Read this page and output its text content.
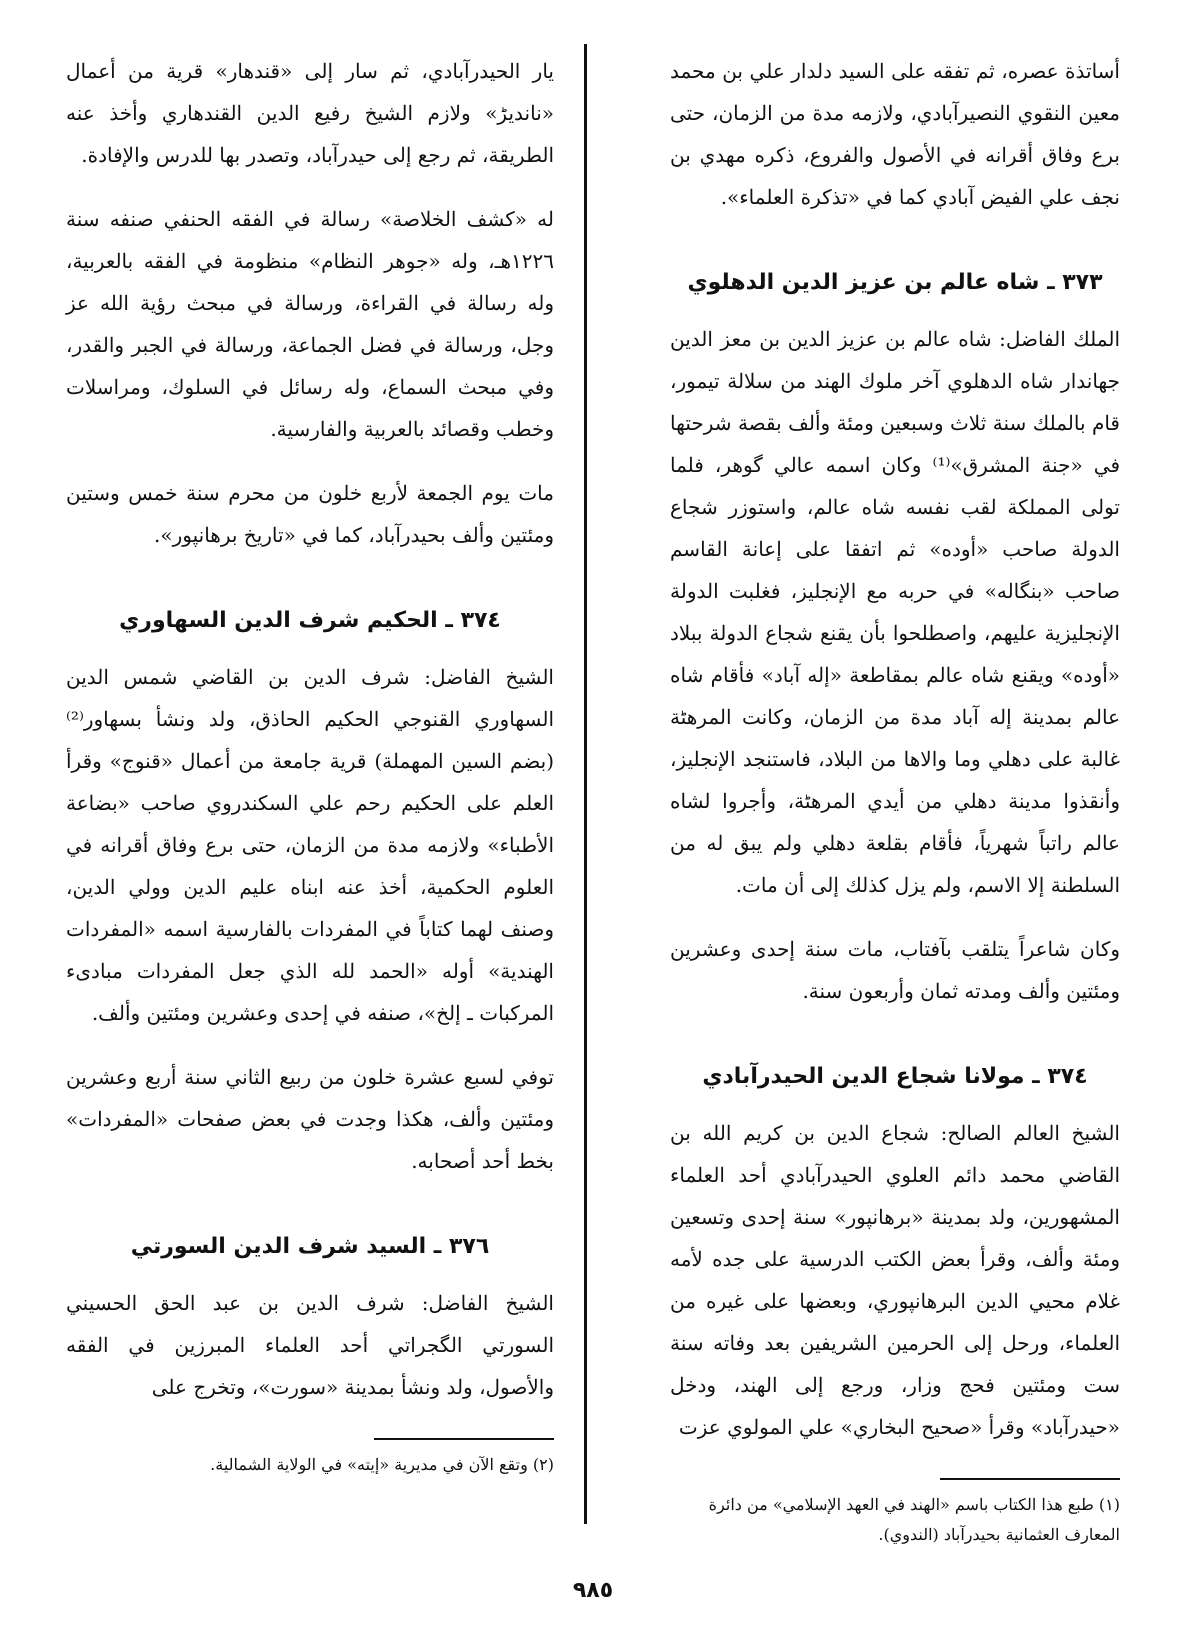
أساتذة عصره، ثم تفقه على السيد دلدار علي بن محمد معين النقوي النصيرآبادي، ولازمه مدة من الزمان، حتى برع وفاق أقرانه في الأصول والفروع، ذكره مهدي بن نجف علي الفيض آبادي كما في «تذكرة العلماء».

٣٧٣ ـ شاه عالم بن عزيز الدين الدهلوي

الملك الفاضل: شاه عالم بن عزيز الدين بن معز الدين جهاندار شاه الدهلوي آخر ملوك الهند من سلالة تيمور، قام بالملك سنة ثلاث وسبعين ومئة وألف بقصة شرحتها في «جنة المشرق»⁽¹⁾ وكان اسمه عالي گوهر، فلما تولى المملكة لقب نفسه شاه عالم، واستوزر شجاع الدولة صاحب «أوده» ثم اتفقا على إعانة القاسم صاحب «بنگاله» في حربه مع الإنجليز، فغلبت الدولة الإنجليزية عليهم، واصطلحوا بأن يقنع شجاع الدولة ببلاد «أوده» ويقنع شاه عالم بمقاطعة «إله آباد» فأقام شاه عالم بمدينة إله آباد مدة من الزمان، وكانت المرهٹة غالبة على دهلي وما والاها من البلاد، فاستنجد الإنجليز، وأنقذوا مدينة دهلي من أيدي المرهٹة، وأجروا لشاه عالم راتباً شهرياً، فأقام بقلعة دهلي ولم يبق له من السلطنة إلا الاسم، ولم يزل كذلك إلى أن مات.

وكان شاعراً يتلقب بآفتاب، مات سنة إحدى وعشرين ومئتين وألف ومدته ثمان وأربعون سنة.

٣٧٤ ـ مولانا شجاع الدين الحيدرآبادي

الشيخ العالم الصالح: شجاع الدين بن كريم الله بن القاضي محمد دائم العلوي الحيدرآبادي أحد العلماء المشهورين، ولد بمدينة «برهانپور» سنة إحدى وتسعين ومئة وألف، وقرأ بعض الكتب الدرسية على جده لأمه غلام محيي الدين البرهانپوري، وبعضها على غيره من العلماء، ورحل إلى الحرمين الشريفين بعد وفاته سنة ست ومئتين فحج وزار، ورجع إلى الهند، ودخل «حيدرآباد» وقرأ «صحيح البخاري» علي المولوي عزت

(١) طبع هذا الكتاب باسم «الهند في العهد الإسلامي» من دائرة المعارف العثمانية بحيدرآباد (الندوي).

يار الحيدرآبادي، ثم سار إلى «قندهار» قرية من أعمال «نانديڑ» ولازم الشيخ رفيع الدين القندهاري وأخذ عنه الطريقة، ثم رجع إلى حيدرآباد، وتصدر بها للدرس والإفادة.

له «كشف الخلاصة» رسالة في الفقه الحنفي صنفه سنة ١٢٢٦هـ، وله «جوهر النظام» منظومة في الفقه بالعربية، وله رسالة في القراءة، ورسالة في مبحث رؤية الله عز وجل، ورسالة في فضل الجماعة، ورسالة في الجبر والقدر، وفي مبحث السماع، وله رسائل في السلوك، ومراسلات وخطب وقصائد بالعربية والفارسية.

مات يوم الجمعة لأربع خلون من محرم سنة خمس وستين ومئتين وألف بحيدرآباد، كما في «تاريخ برهانپور».

٣٧٤ ـ الحكيم شرف الدين السهاوري

الشيخ الفاضل: شرف الدين بن القاضي شمس الدين السهاوري القنوجي الحكيم الحاذق، ولد ونشأ بسهاور⁽²⁾ (بضم السين المهملة) قرية جامعة من أعمال «قنوج» وقرأ العلم على الحكيم رحم علي السكندروي صاحب «بضاعة الأطباء» ولازمه مدة من الزمان، حتى برع وفاق أقرانه في العلوم الحكمية، أخذ عنه ابناه عليم الدين وولي الدين، وصنف لهما كتاباً في المفردات بالفارسية اسمه «المفردات الهندية» أوله «الحمد لله الذي جعل المفردات مبادىء المركبات ـ إلخ»، صنفه في إحدى وعشرين ومئتين وألف.

توفي لسبع عشرة خلون من ربيع الثاني سنة أربع وعشرين ومئتين وألف، هكذا وجدت في بعض صفحات «المفردات» بخط أحد أصحابه.

٣٧٦ ـ السيد شرف الدين السورتي

الشيخ الفاضل: شرف الدين بن عبد الحق الحسيني السورتي الگجراتي أحد العلماء المبرزين في الفقه والأصول، ولد ونشأ بمدينة «سورت»، وتخرج على

(٢) وتقع الآن في مديرية «إيته» في الولاية الشمالية.

٩٨٥
